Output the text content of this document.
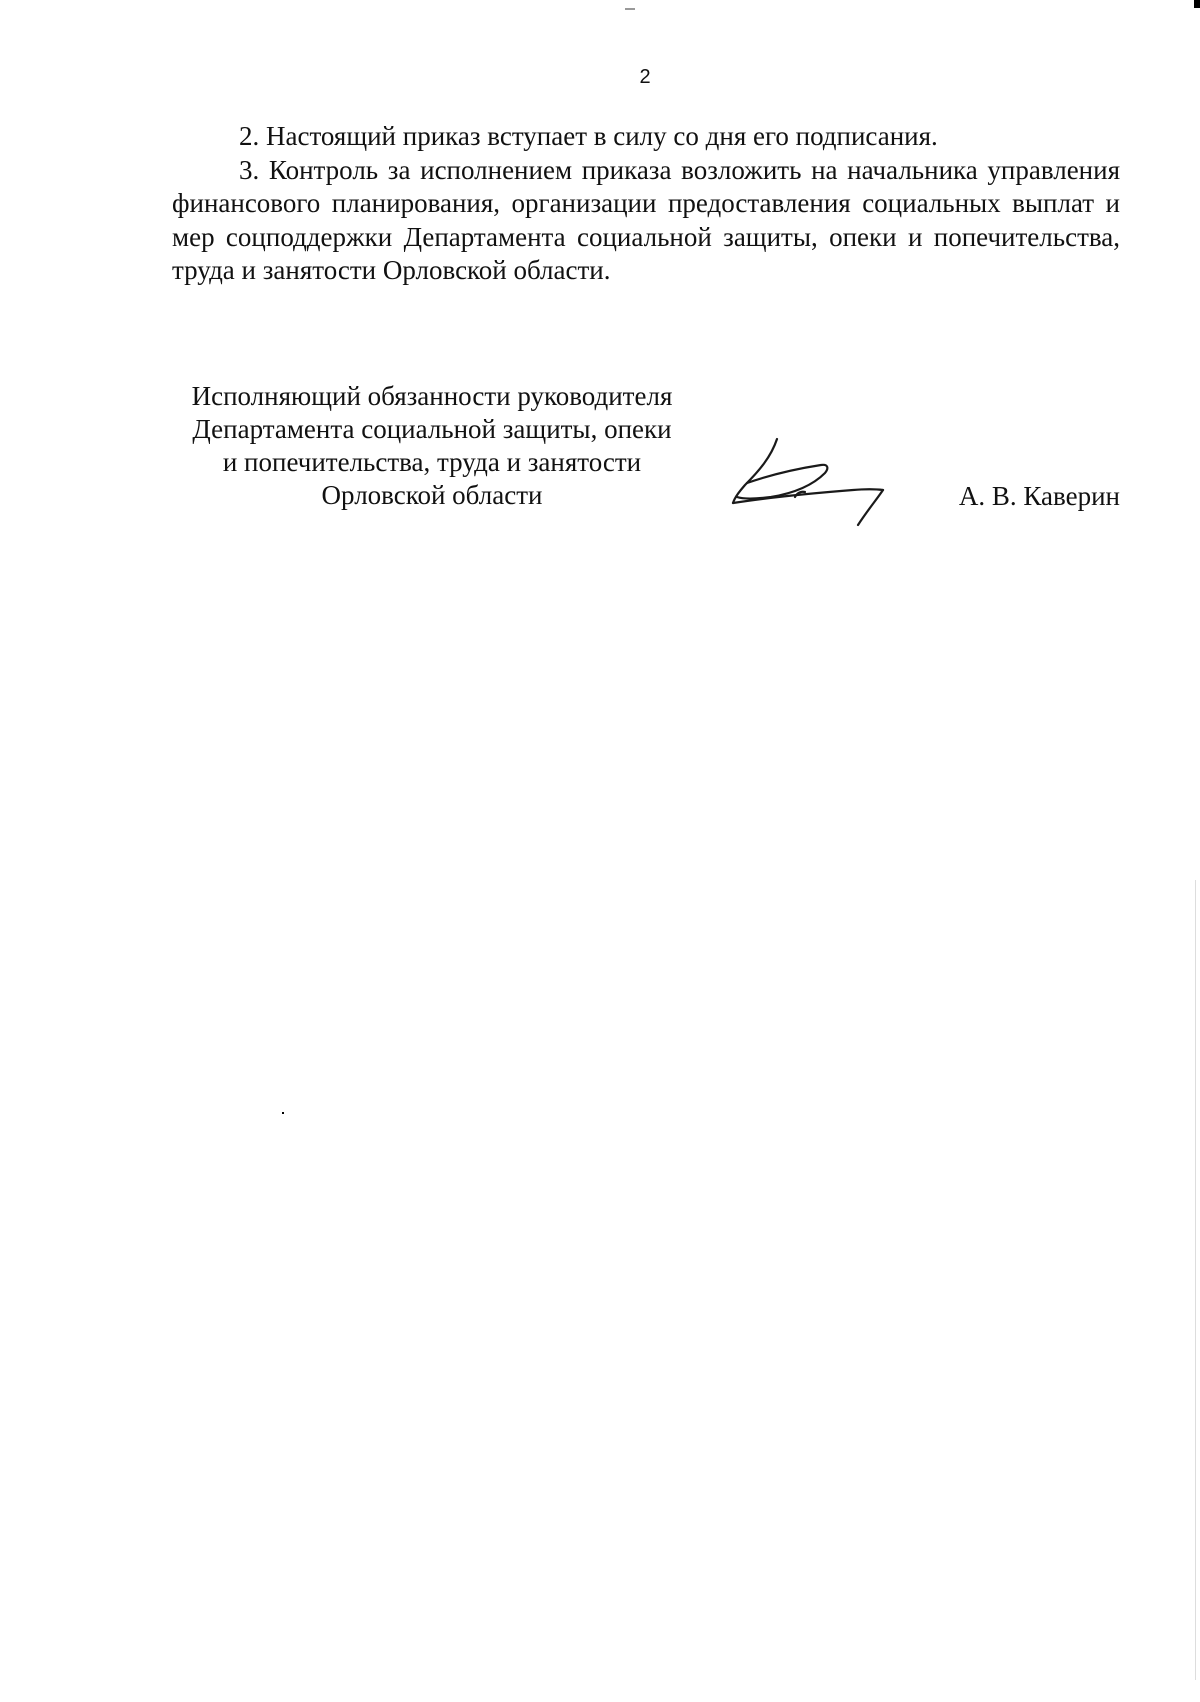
2

2. Настоящий приказ вступает в силу со дня его подписания.

3. Контроль за исполнением приказа возложить на начальника управления финансового планирования, организации предоставления социальных выплат и мер соцподдержки Департамента социальной защиты, опеки и попечительства, труда и занятости Орловской области.

Исполняющий обязанности руководителя
Департамента социальной защиты, опеки
и попечительства, труда и занятости
Орловской области	А. В. Каверин
